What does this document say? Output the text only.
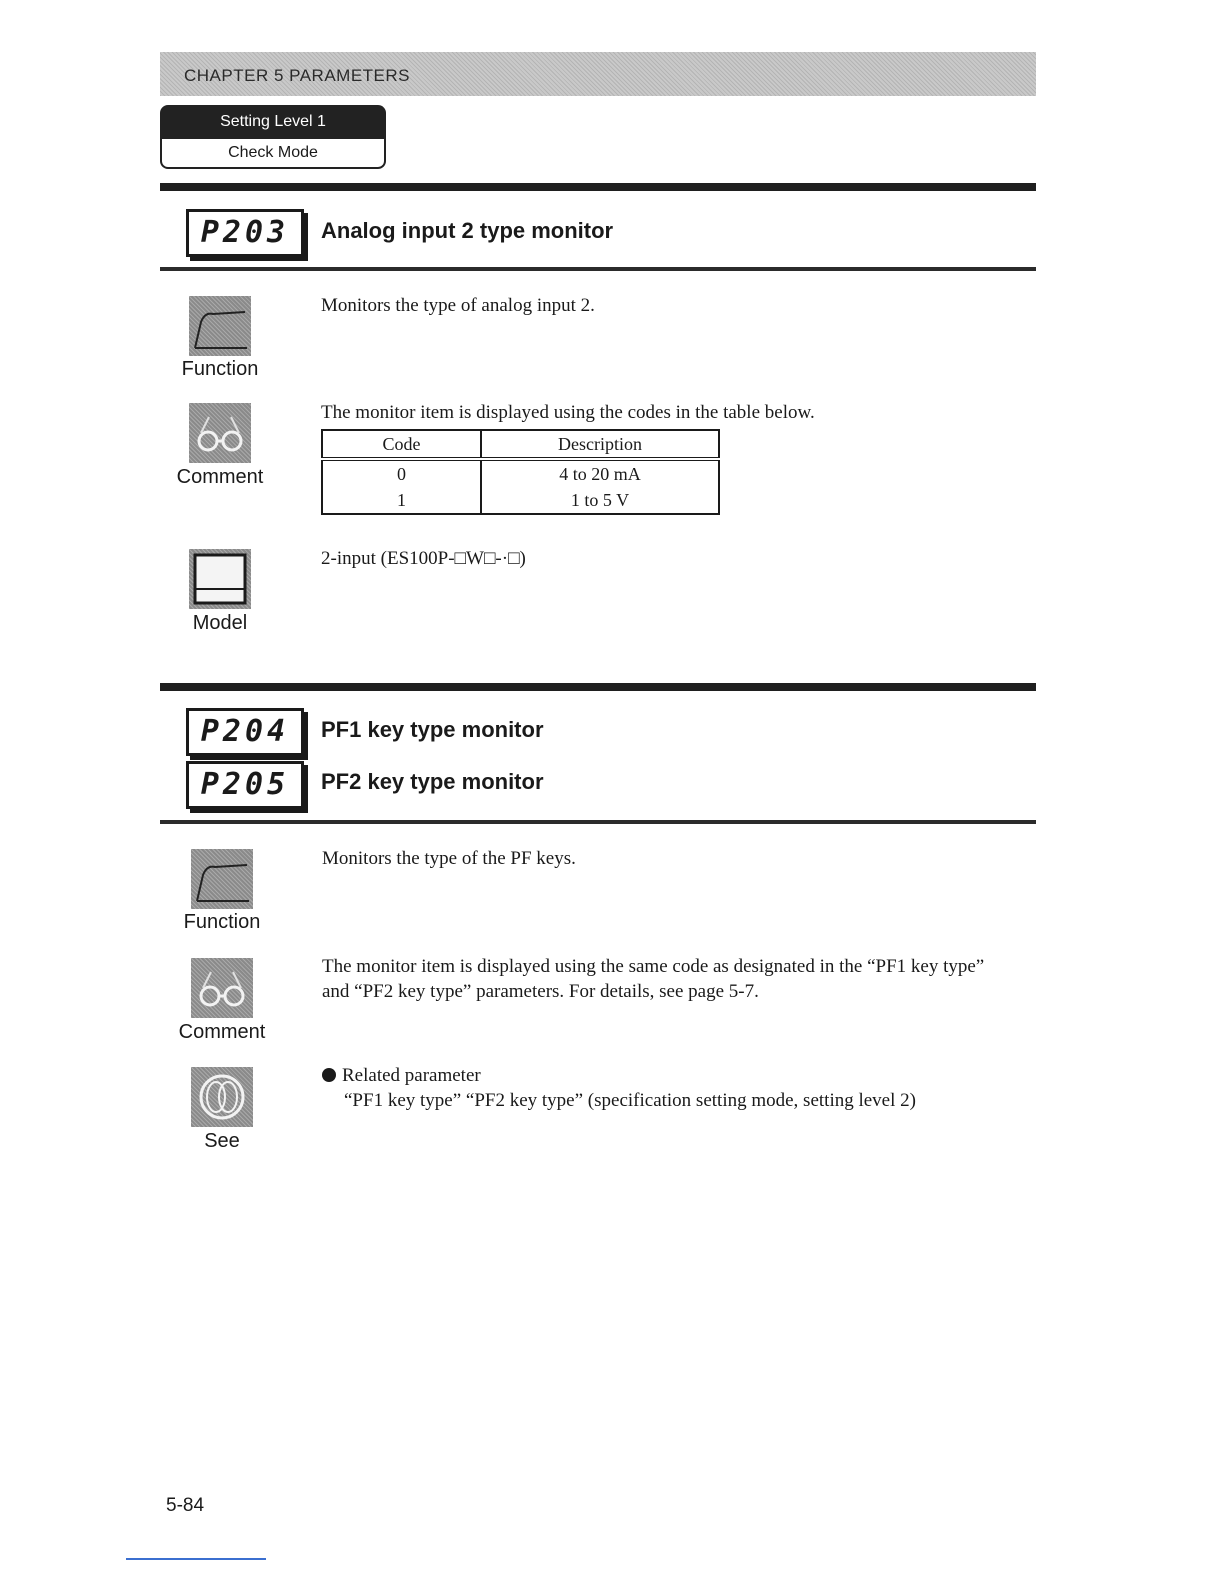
CHAPTER 5 PARAMETERS
Setting Level 1
Check Mode
P203	Analog input 2 type monitor
Function
Monitors the type of analog input 2.
Comment
The monitor item is displayed using the codes in the table below.
Code	Description
0	4 to 20 mA
1	1 to 5 V
Model
2-input (ES100P-□W□-·□)
P204	PF1 key type monitor
P205	PF2 key type monitor
Function
Monitors the type of the PF keys.
Comment
The monitor item is displayed using the same code as designated in the “PF1 key type”
and “PF2 key type” parameters. For details, see page 5-7.
See
Related parameter
“PF1 key type” “PF2 key type” (specification setting mode, setting level 2)
5-84
